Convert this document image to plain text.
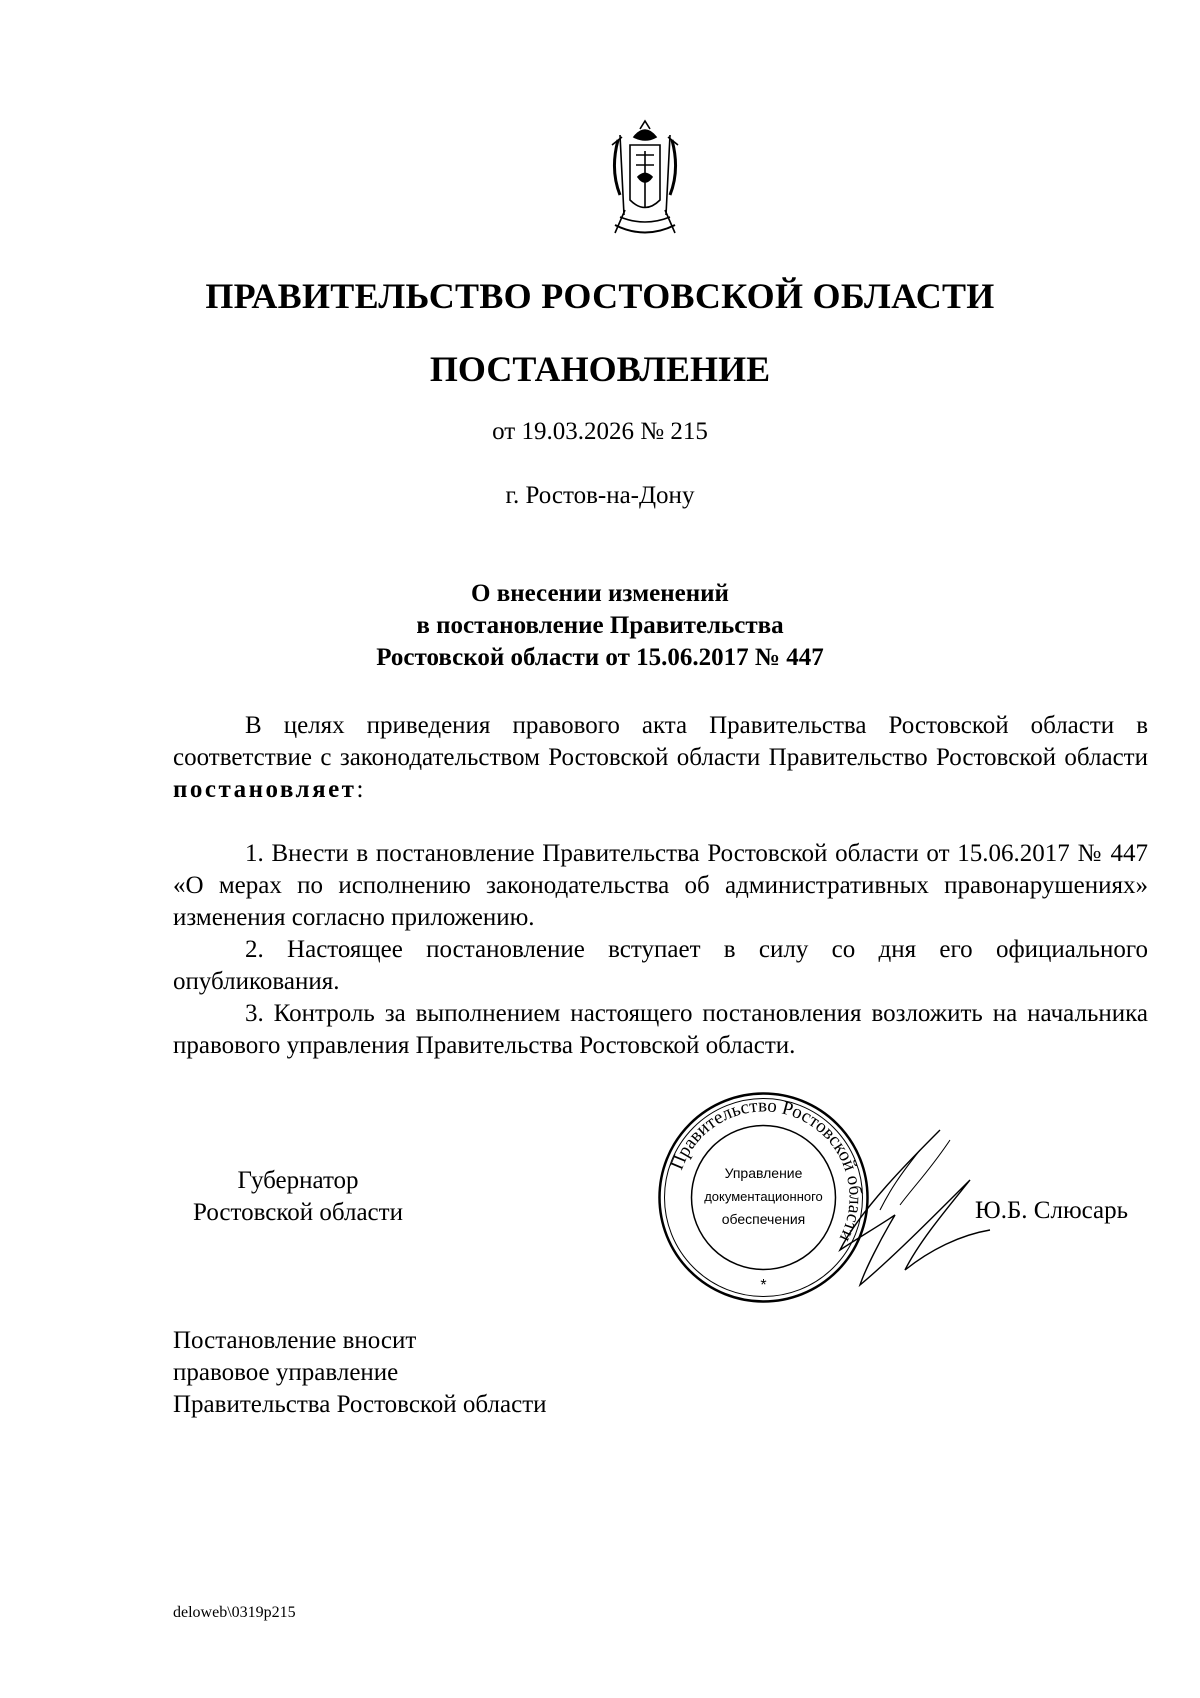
ПРАВИТЕЛЬСТВО РОСТОВСКОЙ ОБЛАСТИ
ПОСТАНОВЛЕНИЕ
от 19.03.2026 № 215
г. Ростов-на-Дону
О внесении изменений
в постановление Правительства
Ростовской области от 15.06.2017 № 447
В целях приведения правового акта Правительства Ростовской области в соответствие с законодательством Ростовской области Правительство Ростовской области постановляет:

1. Внести в постановление Правительства Ростовской области от 15.06.2017 № 447 «О мерах по исполнению законодательства об административных правонарушениях» изменения согласно приложению.

2. Настоящее постановление вступает в силу со дня его официального опубликования.

3. Контроль за выполнением настоящего постановления возложить на начальника правового управления Правительства Ростовской области.

Губернатор
Ростовской области
Правительство Ростовской области
Управление
документационного
обеспечения
*
Ю.Б. Слюсарь
Постановление вносит
правовое управление
Правительства Ростовской области
deloweb\0319p215
